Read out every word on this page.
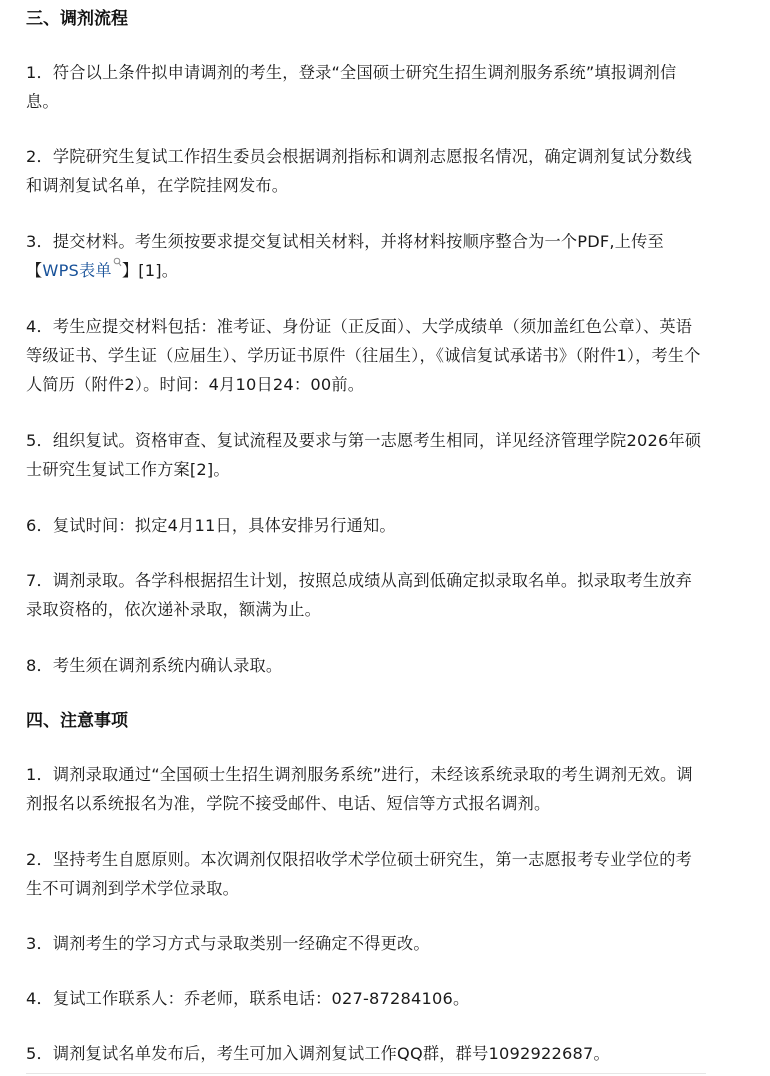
三、调剂流程

1．符合以上条件拟申请调剂的考生，登录“全国硕士研究生招生调剂服务系统”填报调剂信息。

2．学院研究生复试工作招生委员会根据调剂指标和调剂志愿报名情况，确定调剂复试分数线和调剂复试名单，在学院挂网发布。

3．提交材料。考生须按要求提交复试相关材料，并将材料按顺序整合为一个PDF,上传至【WPS表单 】[1]。

4．考生应提交材料包括：准考证、身份证（正反面）、大学成绩单（须加盖红色公章）、英语等级证书、学生证（应届生）、学历证书原件（往届生），《诚信复试承诺书》（附件1），考生个人简历（附件2）。时间：4月10日24：00前。

5．组织复试。资格审查、复试流程及要求与第一志愿考生相同，详见经济管理学院2026年硕士研究生复试工作方案[2]。

6．复试时间：拟定4月11日，具体安排另行通知。

7．调剂录取。各学科根据招生计划，按照总成绩从高到低确定拟录取名单。拟录取考生放弃录取资格的，依次递补录取，额满为止。

8．考生须在调剂系统内确认录取。

四、注意事项

1．调剂录取通过“全国硕士生招生调剂服务系统”进行，未经该系统录取的考生调剂无效。调剂报名以系统报名为准，学院不接受邮件、电话、短信等方式报名调剂。

2．坚持考生自愿原则。本次调剂仅限招收学术学位硕士研究生，第一志愿报考专业学位的考生不可调剂到学术学位录取。

3．调剂考生的学习方式与录取类别一经确定不得更改。

4．复试工作联系人：乔老师，联系电话：027-87284106。

5．调剂复试名单发布后，考生可加入调剂复试工作QQ群，群号1092922687。
